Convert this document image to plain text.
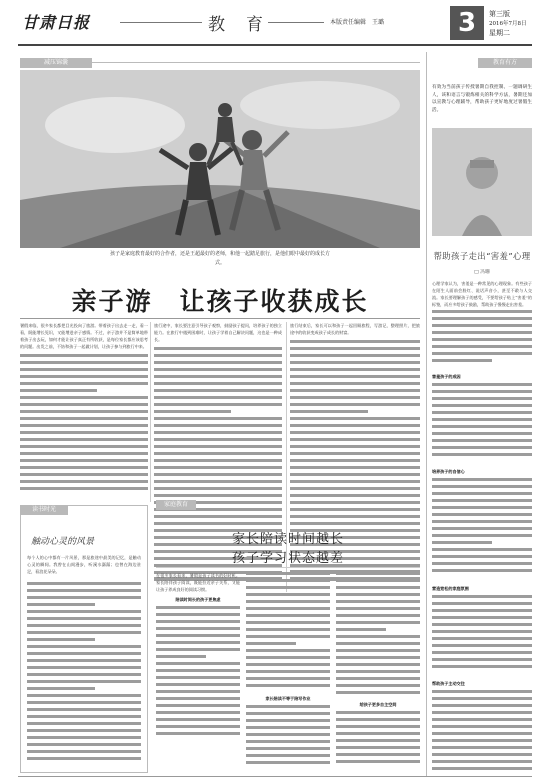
甘肃日报	教　育	本版责任编辑　王璐	3	第三版
2016年7月8日
星期二
减压锦囊
孩子是家庭教育最好的合作者，还是王超最好的老师，和他一起踏足旅行，是他们眼中最好的成长方式。
亲子游　让孩子收获成长
暑假来临，很多家长都把目光投向了旅游。带着孩子出去走一走，看一看，既能增长见识，又能增进亲子感情。不过，亲子游并不是简单地带着孩子出去玩，如何才能让孩子真正有所收获，是每位家长都应该思考的问题。出发之前，不妨和孩子一起做计划，让孩子参与到旅行中来。
旅行途中，家长要注意引导孩子观察，鼓励孩子提问，培养孩子的独立能力。在旅行中遇到困难时，让孩子学着自己解决问题，这也是一种成长。
旅行结束后，家长可以和孩子一起回顾旅程，写游记、整理照片，把旅途中的收获变成孩子成长的财富。
家庭教育
读书时光
触动心灵的风景
每个人的心中都有一片风景，那是旅途中最美的记忆，是触动心灵的瞬间。我曾在山间漫步，听溪水潺潺；也曾在海边驻足，看浪花朵朵。
家长陪读时间越长
孩子学习状态越差
在很多家长看来，暑假是孩子读书的好时机。家长陪伴孩子阅读，既能拉近亲子关系，又能让孩子养成良好的阅读习惯。
陪读时间长的孩子更焦虑
家长陪读不等于陪写作业
给孩子更多自主空间
教育有方
有效为当前孩子传授暑期自我控制、一题调研生人，该和语言与锻炼相关的科学方法，暑期还加以宣教与心理辅导，帮助孩子更好地度过暑假生活。
帮助孩子走出“害羞”心理
□ 冯珊
心理学家认为，害羞是一种常见的心理现象。有些孩子在陌生人面前会脸红、说话声音小，甚至不敢与人交流。家长要理解孩子的感受，不要给孩子贴上“害羞”的标签，而应多给孩子鼓励，帮助孩子慢慢走出害羞。
害羞孩子的成因
培养孩子的自信心
营造宽松的家庭氛围
帮助孩子主动交往
